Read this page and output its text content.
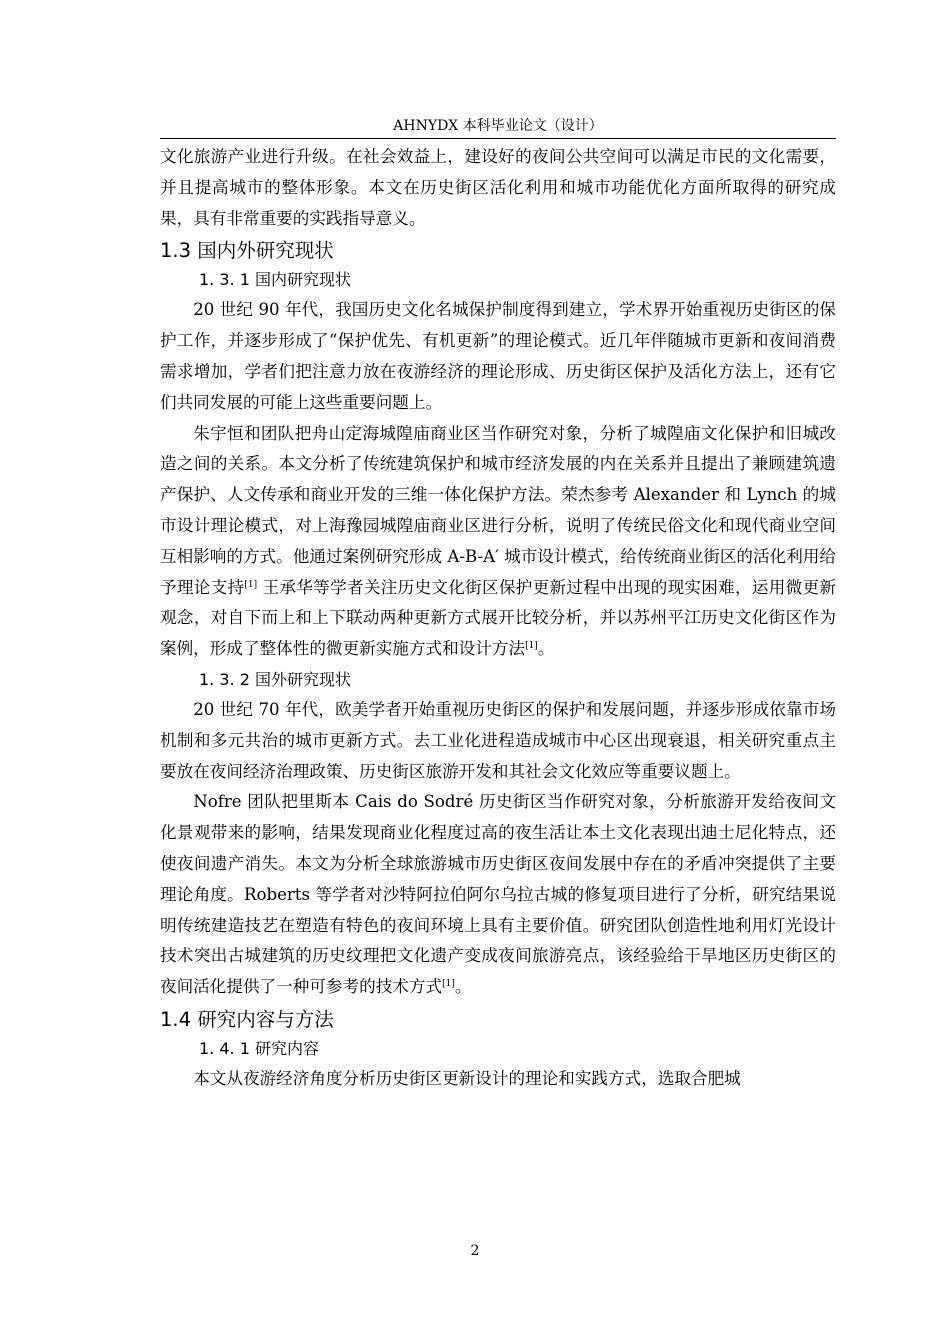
AHNYDX 本科毕业论文（设计）

文化旅游产业进行升级。在社会效益上，建设好的夜间公共空间可以满足市民的文化需要，并且提高城市的整体形象。本文在历史街区活化利用和城市功能优化方面所取得的研究成果，具有非常重要的实践指导意义。

1.3 国内外研究现状
1. 3. 1 国内研究现状

20 世纪 90 年代，我国历史文化名城保护制度得到建立，学术界开始重视历史街区的保护工作，并逐步形成了“保护优先、有机更新”的理论模式。近几年伴随城市更新和夜间消费需求增加，学者们把注意力放在夜游经济的理论形成、历史街区保护及活化方法上，还有它们共同发展的可能上这些重要问题上。

朱宇恒和团队把舟山定海城隍庙商业区当作研究对象，分析了城隍庙文化保护和旧城改造之间的关系。本文分析了传统建筑保护和城市经济发展的内在关系并且提出了兼顾建筑遗产保护、人文传承和商业开发的三维一体化保护方法。荣杰参考 Alexander 和 Lynch 的城市设计理论模式，对上海豫园城隍庙商业区进行分析，说明了传统民俗文化和现代商业空间互相影响的方式。他通过案例研究形成 A-B-A′ 城市设计模式，给传统商业街区的活化利用给予理论支持[1] 王承华等学者关注历史文化街区保护更新过程中出现的现实困难，运用微更新观念，对自下而上和上下联动两种更新方式展开比较分析，并以苏州平江历史文化街区作为案例，形成了整体性的微更新实施方式和设计方法[1]。

1. 3. 2 国外研究现状

20 世纪 70 年代，欧美学者开始重视历史街区的保护和发展问题，并逐步形成依靠市场机制和多元共治的城市更新方式。去工业化进程造成城市中心区出现衰退，相关研究重点主要放在夜间经济治理政策、历史街区旅游开发和其社会文化效应等重要议题上。

Nofre 团队把里斯本 Cais do Sodré 历史街区当作研究对象，分析旅游开发给夜间文化景观带来的影响，结果发现商业化程度过高的夜生活让本土文化表现出迪士尼化特点，还使夜间遗产消失。本文为分析全球旅游城市历史街区夜间发展中存在的矛盾冲突提供了主要理论角度。Roberts 等学者对沙特阿拉伯阿尔乌拉古城的修复项目进行了分析，研究结果说明传统建造技艺在塑造有特色的夜间环境上具有主要价值。研究团队创造性地利用灯光设计技术突出古城建筑的历史纹理把文化遗产变成夜间旅游亮点，该经验给干旱地区历史街区的夜间活化提供了一种可参考的技术方式[1]。

1.4 研究内容与方法
1. 4. 1 研究内容

本文从夜游经济角度分析历史街区更新设计的理论和实践方式，选取合肥城

2
